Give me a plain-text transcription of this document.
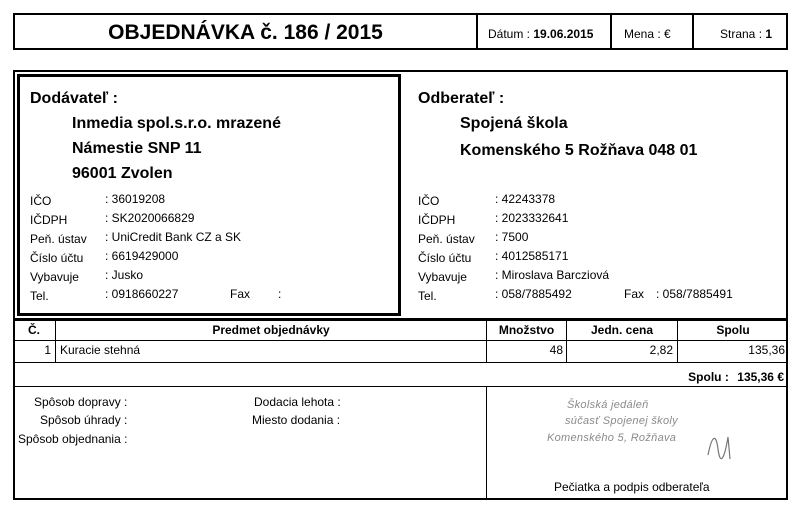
OBJEDNÁVKA č. 186 / 2015	Dátum : 19.06.2015	Mena : €	Strana : 1
Dodávateľ :
Inmedia spol.s.r.o. mrazené
Námestie SNP 11
96001 Zvolen
IČO	: 36019208
IČDPH	: SK2020066829
Peň. ústav : UniCredit Bank CZ a SK
Číslo účtu : 6619429000
Vybavuje : Jusko
Tel.	: 0918660227	Fax :
Odberateľ :
Spojená škola
Komenského 5 Rožňava 048 01
IČO	: 42243378
IČDPH	: 2023332641
Peň. ústav : 7500
Číslo účtu : 4012585171
Vybavuje : Miroslava Barcziová
Tel.	: 058/7885492	Fax : 058/7885491
Č.	Predmet objednávky	Množstvo	Jedn. cena	Spolu
1 Kuracie stehná	48	2,82	135,36
Spolu : 135,36 €
Spôsob dopravy :
Spôsob úhrady :
Spôsob objednania :
Dodacia lehota :
Miesto dodania :
Školská jedáleň
súčasť Spojenej školy
Komenského 5, Rožňava
Pečiatka a podpis odberateľa
